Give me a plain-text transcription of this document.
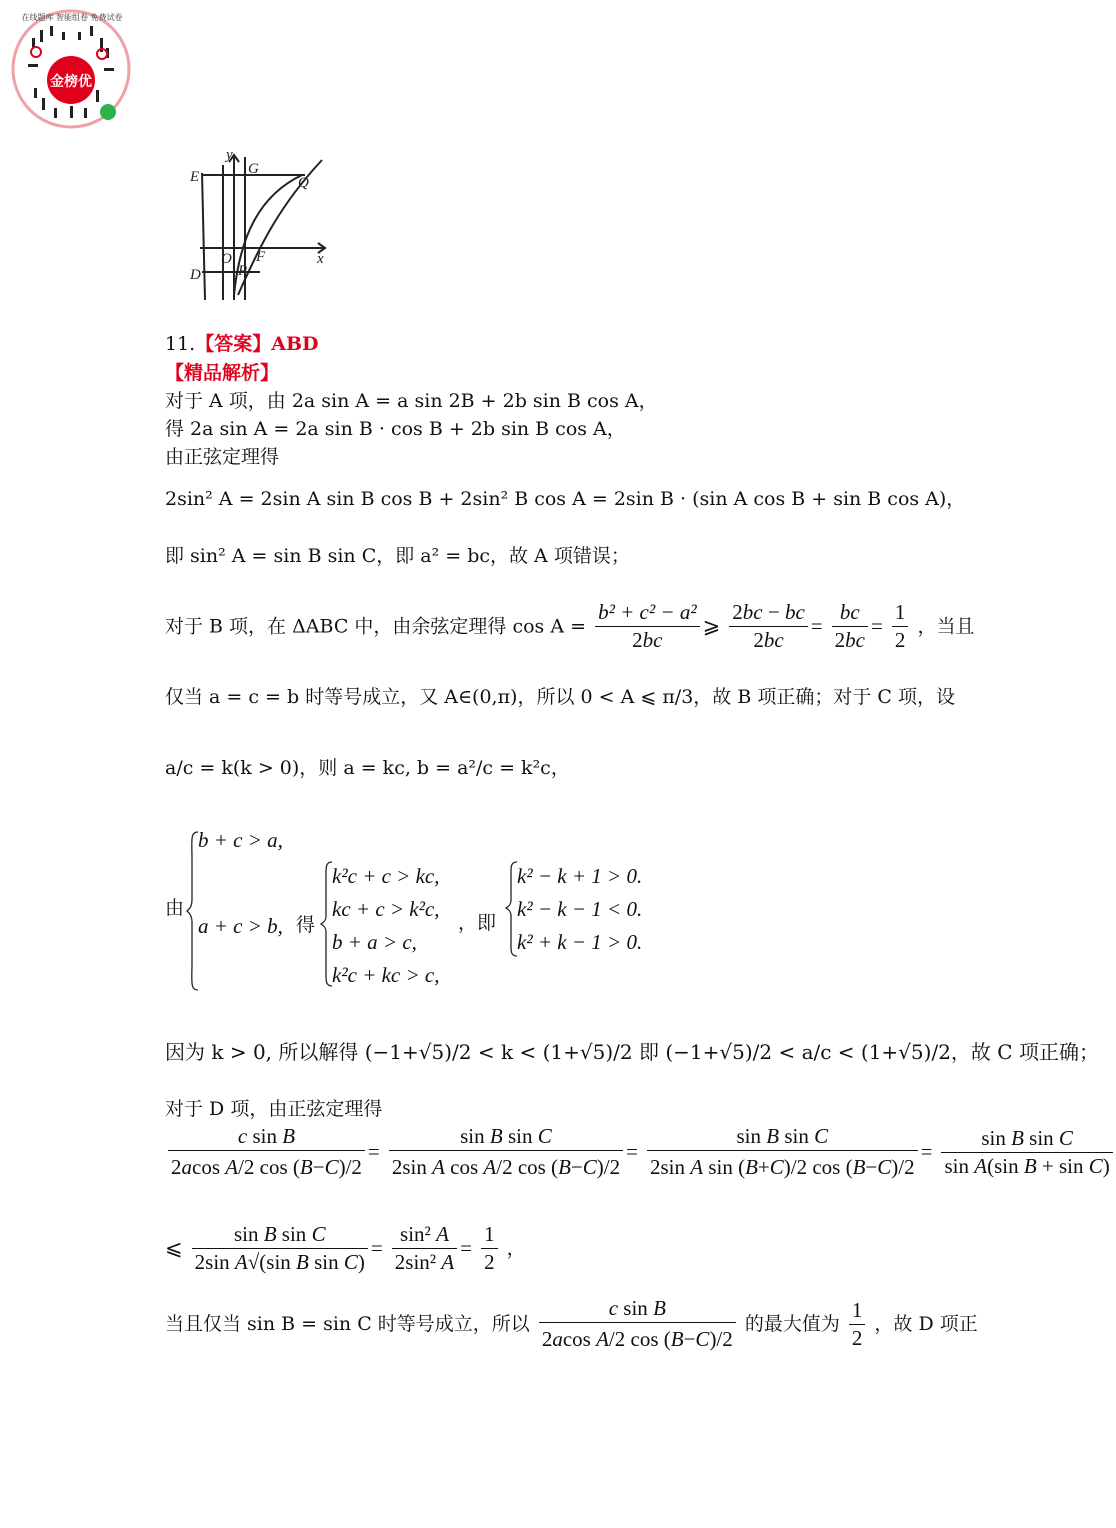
在线题库 智能组卷 免费试卷
金榜优
y
G
Q
E
O F	x
D P
11.【答案】ABD
【精品解析】
对于 A 项，由 2a sin A = a sin 2B + 2b sin B cos A，
得 2a sin A = 2a sin B · cos B + 2b sin B cos A，
由正弦定理得
2sin² A = 2sin A sin B cos B + 2sin² B cos A = 2sin B · (sin A cos B + sin B cos A)，
即 sin² A = sin B sin C，即 a² = bc，故 A 项错误；
对于 B 项，在 ΔABC 中，由余弦定理得 $\cos A = \frac{\text{b² + c² − a²}}{2bc}$ ⩾ $\frac{2bc - bc}{2bc} = \frac{bc}{2bc} = \frac{1}{2}$ ，当且
仅当 a = c = b 时等号成立，又 A∈(0,π)，所以 0 < A ⩽ π/3，故 B 项正确；对于 C 项，设
a/c = k(k > 0)，则 a = kc, b = a²/c = k²c，
由
b + c > a,
a + c > b, 得
k²c + c > kc,
kc + c > k²c,
b + a > c,
k²c + kc > c,
，即
k² − k + 1 > 0.
k² − k − 1 < 0.
k² + k − 1 > 0.
因为 k > 0, 所以解得 (−1+√5)/2 < k < (1+√5)/2 即 (−1+√5)/2 < a/c < (1+√5)/2，故 C 项正确；
对于 D 项，由正弦定理得
$\frac{\text{c sin B}}{\text{2acos A/2 cos (B−C)/2}} = \frac{\text{sin B sin C}}{\text{2sin A cos A/2 cos (B−C)/2}} = \frac{\text{sin B sin C}}{\text{2sin A sin (B+C)/2 cos (B−C)/2}} = \frac{\text{sin B sin C}}{\text{sin A(sin B + sin C)}}$
⩽ $\frac{\text{sin B sin C}}{\text{2sin A√(sin B sin C)}} = \frac{\text{sin² A}}{\text{2sin² A}} = \frac{1}{2}$ ，
当且仅当 sin B = sin C 时等号成立，所以 $\frac{\text{c sin B}}{\text{2acos A/2 cos (B−C)/2}}$ 的最大值为 $\frac{1}{2}$ ，故 D 项正
